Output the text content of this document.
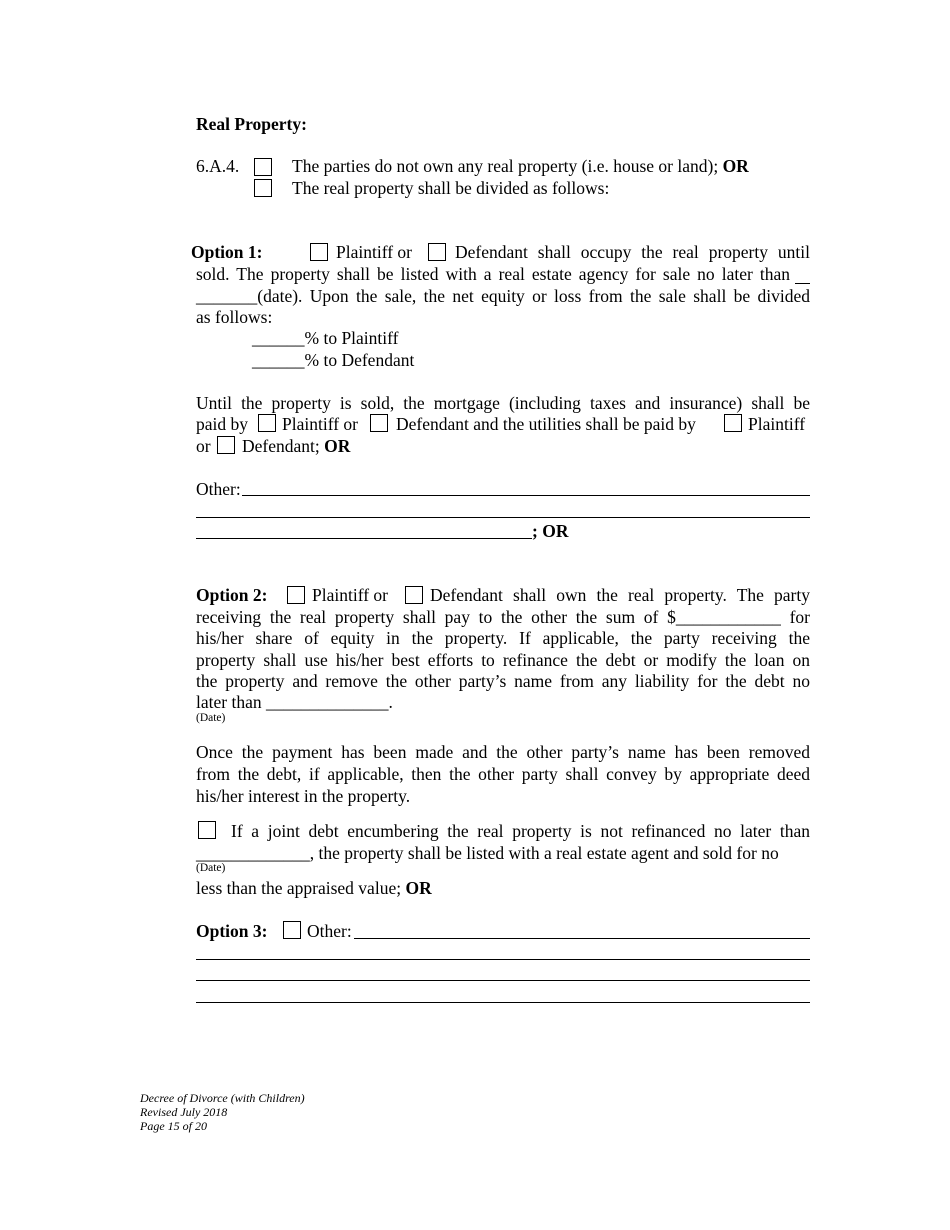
Real Property:
6.A.4.	The parties do not own any real property (i.e. house or land); OR
The real property shall be divided as follows:
Option 1:	Plaintiff or Defendant shall occupy the real property until
sold. The property shall be listed with a real estate agency for sale no later than
_______(date). Upon the sale, the net equity or loss from the sale shall be divided
as follows:
______% to Plaintiff
______% to Defendant
Until the property is sold, the mortgage (including taxes and insurance) shall be
paid by Plaintiff or Defendant and the utilities shall be paid by	Plaintiff
or Defendant; OR
Other:
; OR
Option 2:	Plaintiff or Defendant shall own the real property. The party
receiving the real property shall pay to the other the sum of $____________ for
his/her share of equity in the property. If applicable, the party receiving the
property shall use his/her best efforts to refinance the debt or modify the loan on
the property and remove the other party’s name from any liability for the debt no
later than ______________.
(Date)
Once the payment has been made and the other party’s name has been removed
from the debt, if applicable, then the other party shall convey by appropriate deed
his/her interest in the property.
If a joint debt encumbering the real property is not refinanced no later than
_____________, the property shall be listed with a real estate agent and sold for no
(Date)
less than the appraised value; OR
Option 3: Other:
Decree of Divorce (with Children)
Revised July 2018
Page 15 of 20
